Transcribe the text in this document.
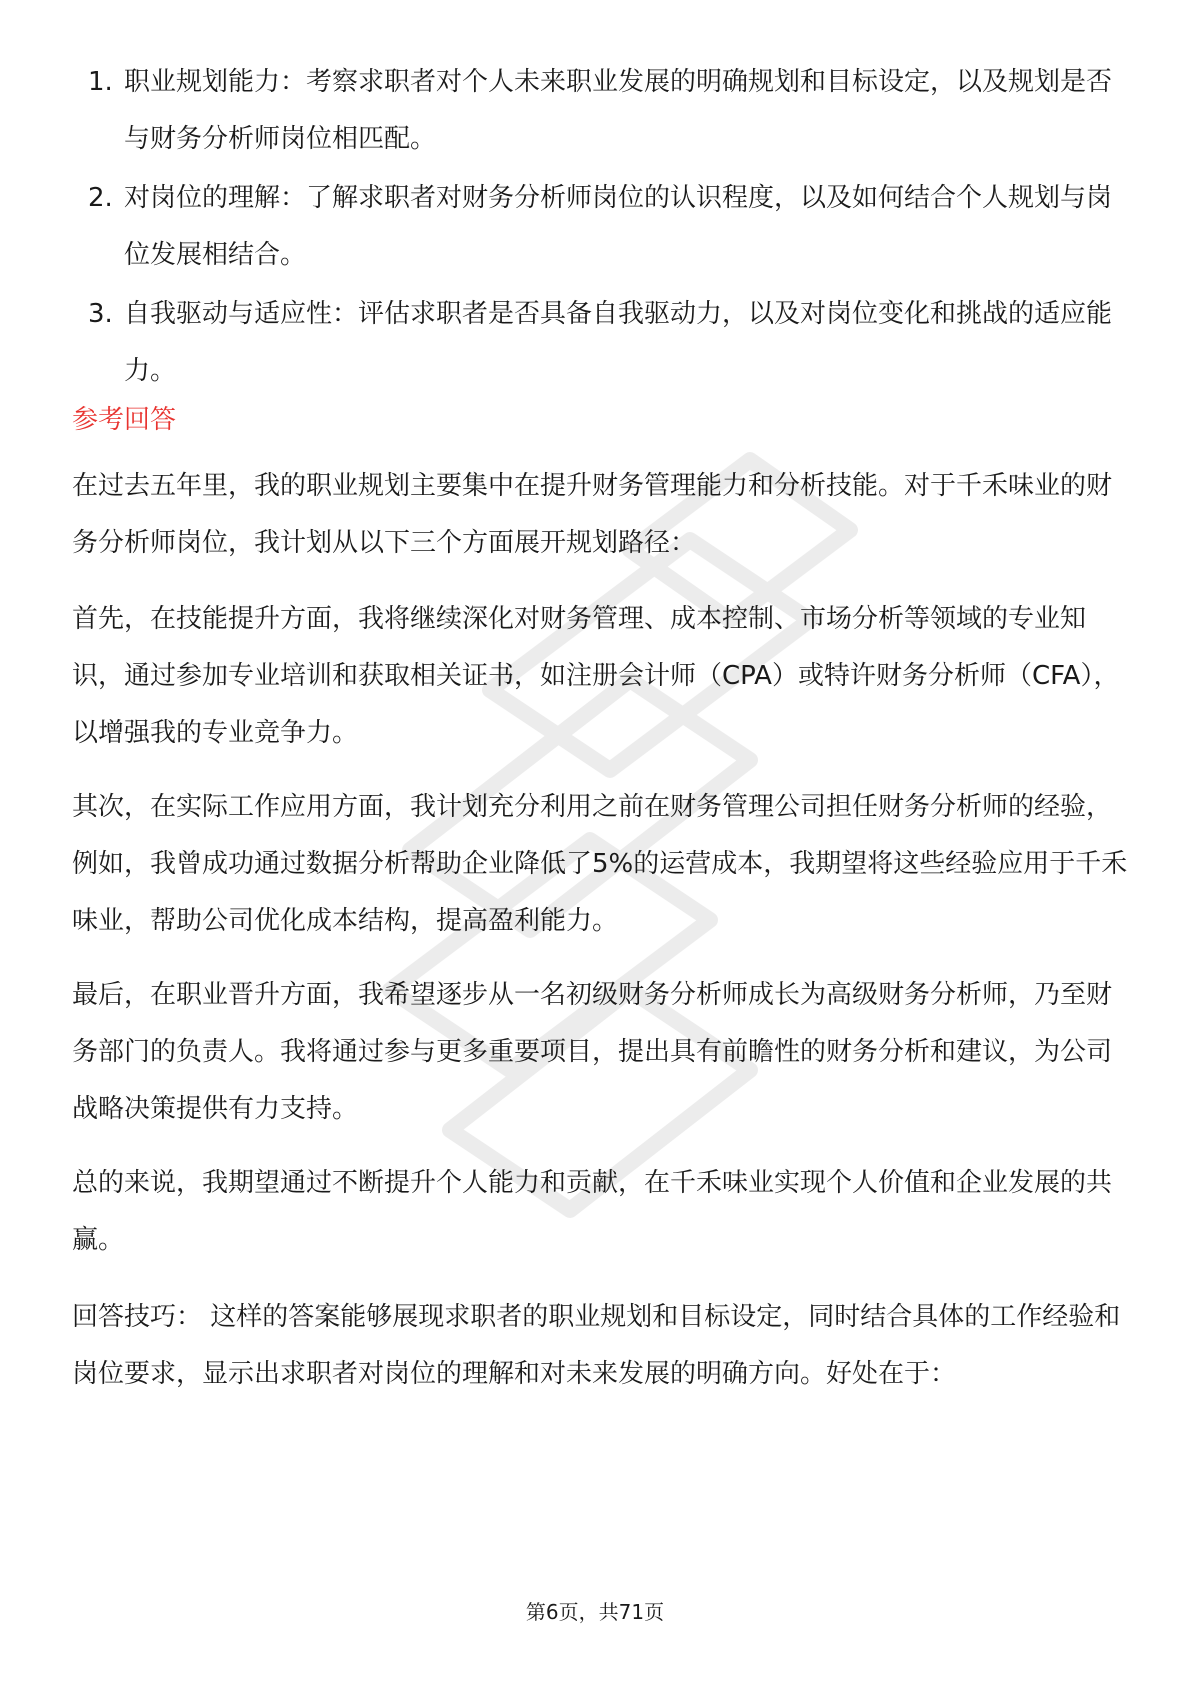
1. 职业规划能力：考察求职者对个人未来职业发展的明确规划和目标设定，以及规划是否与财务分析师岗位相匹配。
2. 对岗位的理解：了解求职者对财务分析师岗位的认识程度，以及如何结合个人规划与岗位发展相结合。
3. 自我驱动与适应性：评估求职者是否具备自我驱动力，以及对岗位变化和挑战的适应能力。
参考回答

在过去五年里，我的职业规划主要集中在提升财务管理能力和分析技能。对于千禾味业的财务分析师岗位，我计划从以下三个方面展开规划路径：

首先，在技能提升方面，我将继续深化对财务管理、成本控制、市场分析等领域的专业知识，通过参加专业培训和获取相关证书，如注册会计师（CPA）或特许财务分析师（CFA），以增强我的专业竞争力。

其次，在实际工作应用方面，我计划充分利用之前在财务管理公司担任财务分析师的经验，例如，我曾成功通过数据分析帮助企业降低了5%的运营成本，我期望将这些经验应用于千禾味业，帮助公司优化成本结构，提高盈利能力。

最后，在职业晋升方面，我希望逐步从一名初级财务分析师成长为高级财务分析师，乃至财务部门的负责人。我将通过参与更多重要项目，提出具有前瞻性的财务分析和建议，为公司战略决策提供有力支持。

总的来说，我期望通过不断提升个人能力和贡献，在千禾味业实现个人价值和企业发展的共赢。

回答技巧： 这样的答案能够展现求职者的职业规划和目标设定，同时结合具体的工作经验和岗位要求，显示出求职者对岗位的理解和对未来发展的明确方向。好处在于：

第6页，共71页
